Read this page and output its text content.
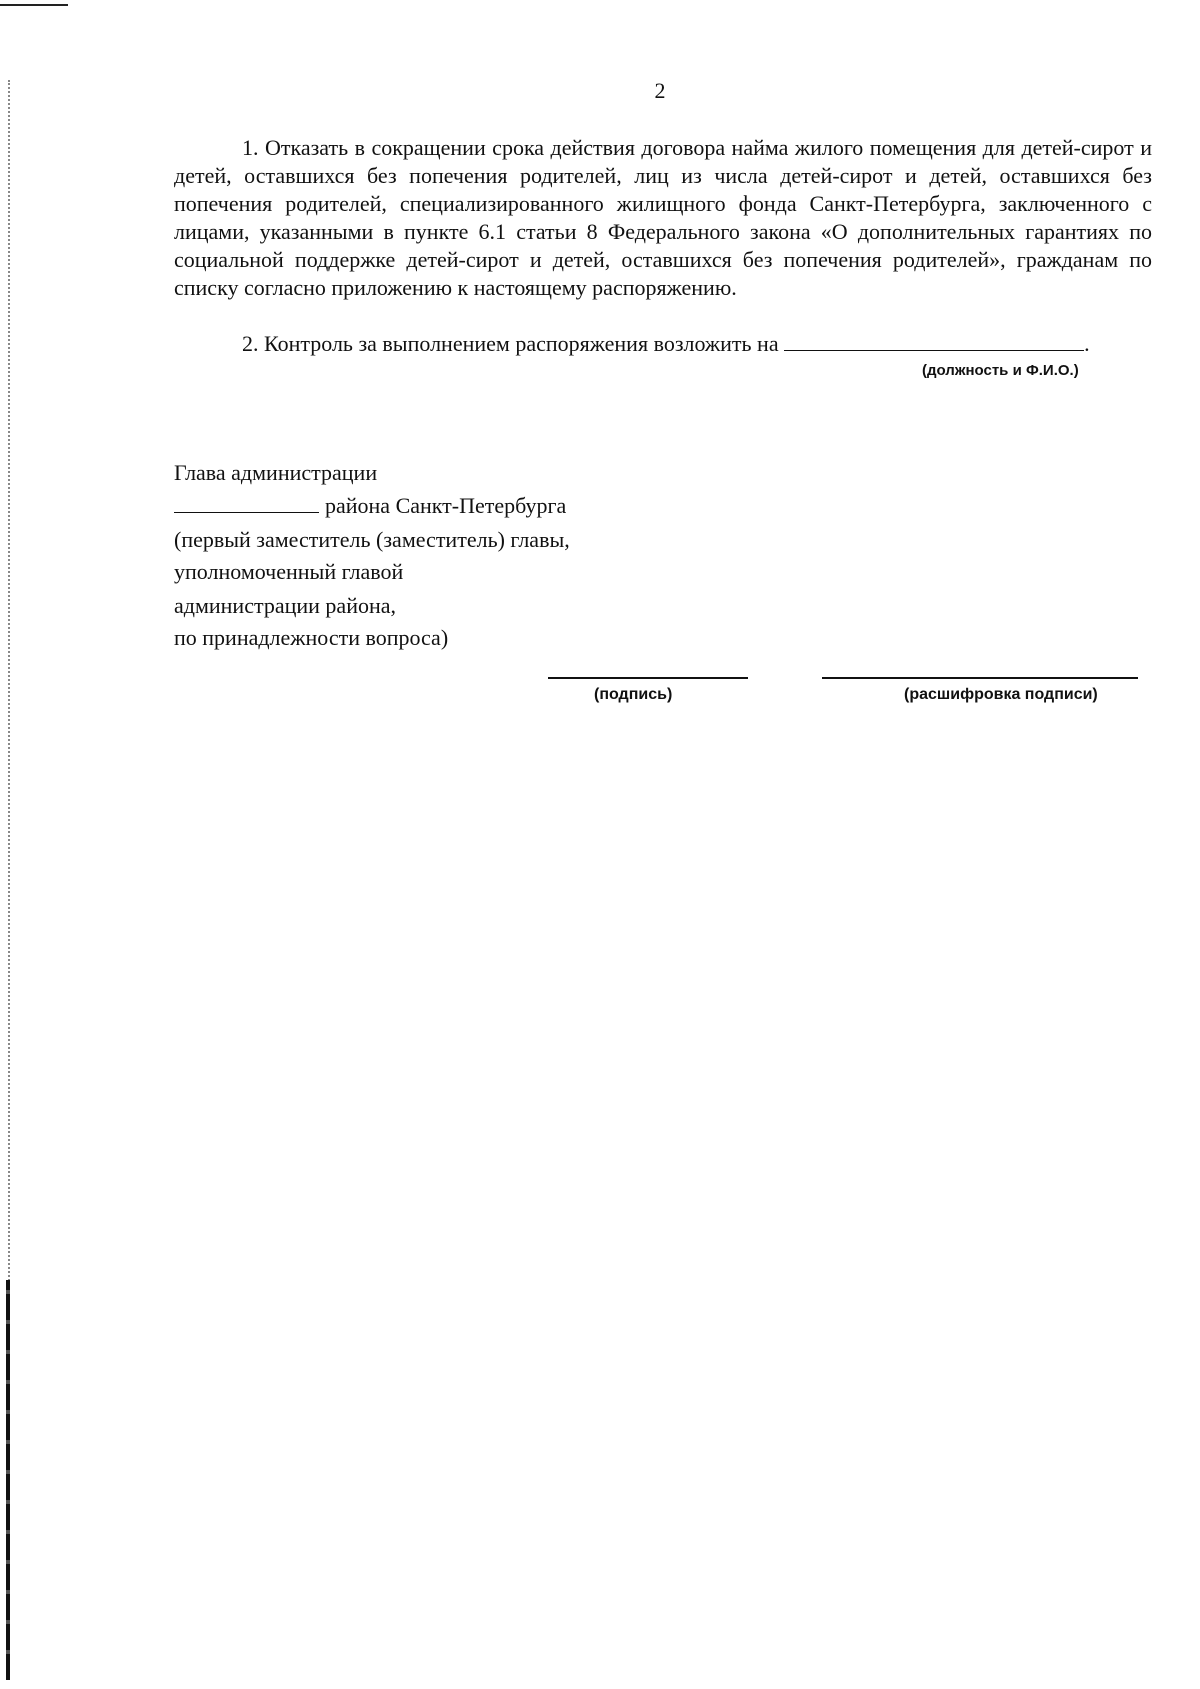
2
1. Отказать в сокращении срока действия договора найма жилого помещения для детей-сирот и детей, оставшихся без попечения родителей, лиц из числа детей-сирот и детей, оставшихся без попечения родителей, специализированного жилищного фонда Санкт-Петербурга, заключенного с лицами, указанными в пункте 6.1 статьи 8 Федерального закона «О дополнительных гарантиях по социальной поддержке детей-сирот и детей, оставшихся без попечения родителей», гражданам по списку согласно приложению к настоящему распоряжению.
2. Контроль за выполнением распоряжения возложить на	.
(должность и Ф.И.О.)
Глава администрации
района Санкт-Петербурга
(первый заместитель (заместитель) главы,
уполномоченный главой
администрации района,
по принадлежности вопроса)
(подпись)	(расшифровка подписи)
